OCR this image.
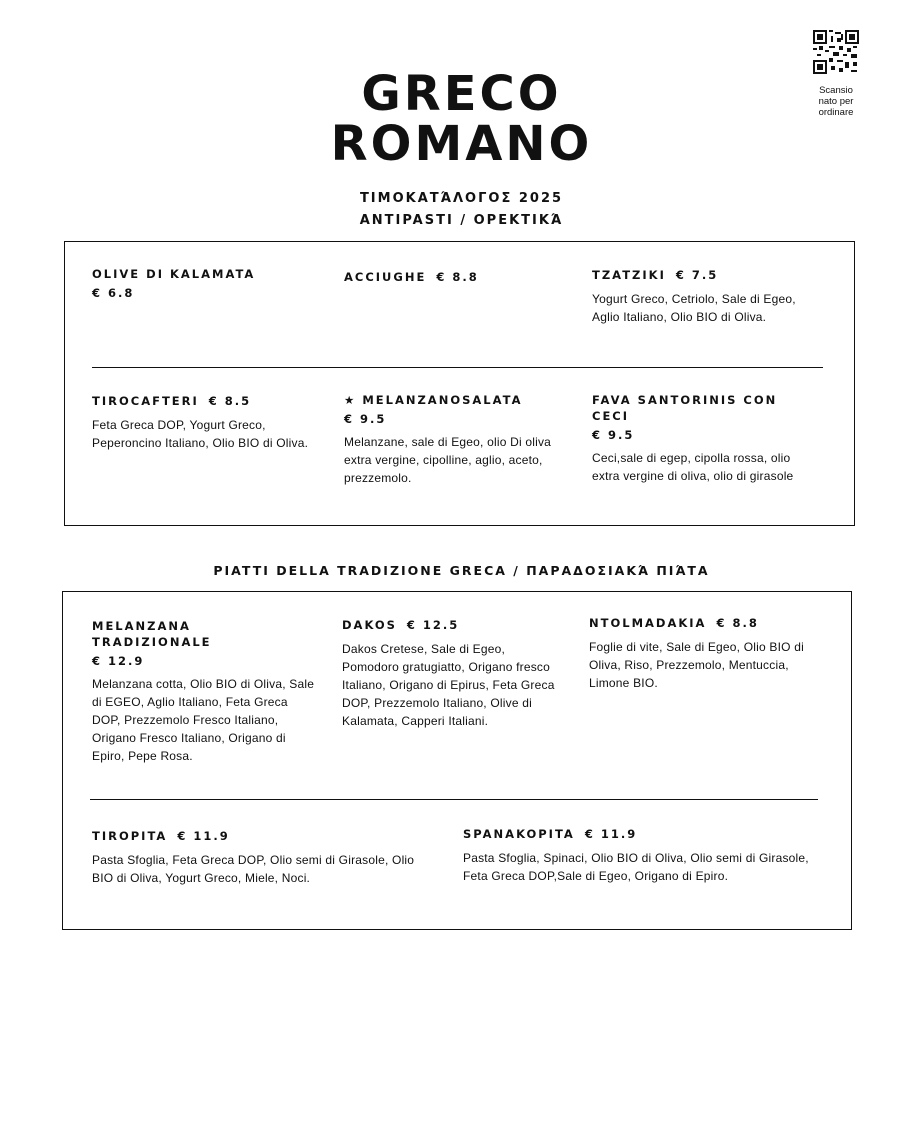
GRECO
ROMANO
ΤΙΜΟΚΑΤΆΛΟΓΟΣ 2025
ANTIPASTI / ΟΡΕΚΤΙΚΆ
Scansio
nato per
ordinare
OLIVE DI KALAMATA
€ 6.8
ACCIUGHE € 8.8	TZATZIKI € 7.5
Yogurt Greco, Cetriolo, Sale di Egeo, Aglio Italiano, Olio BIO di Oliva.
TIROCAFTERI € 8.5
Feta Greca DOP, Yogurt Greco, Peperoncino Italiano, Olio BIO di Oliva.
★ MELANZANOSALATA
€ 9.5
Melanzane, sale di Egeo, olio Di oliva extra vergine, cipolline, aglio, aceto, prezzemolo.
FAVA SANTORINIS CON CECI
€ 9.5
Ceci,sale di egep, cipolla rossa, olio extra vergine di oliva, olio di girasole
PIATTI DELLA TRADIZIONE GRECA / ΠΑΡΑΔΟΣΙΑΚΆ ΠΙΆΤΑ
MELANZANA TRADIZIONALE
€ 12.9
Melanzana cotta, Olio BIO di Oliva, Sale di EGEO, Aglio Italiano, Feta Greca DOP, Prezzemolo Fresco Italiano, Origano Fresco Italiano, Origano di Epiro, Pepe Rosa.
DAKOS € 12.5
Dakos Cretese, Sale di Egeo, Pomodoro gratugiatto, Origano fresco Italiano, Origano di Epirus, Feta Greca DOP, Prezzemolo Italiano, Olive di Kalamata, Capperi Italiani.
NTOLMADAKIA € 8.8
Foglie di vite, Sale di Egeo, Olio BIO di Oliva, Riso, Prezzemolo, Mentuccia, Limone BIO.
TIROPITA € 11.9
Pasta Sfoglia, Feta Greca DOP, Olio semi di Girasole, Olio BIO di Oliva, Yogurt Greco, Miele, Noci.
SPANAKOPITA € 11.9
Pasta Sfoglia, Spinaci, Olio BIO di Oliva, Olio semi di Girasole, Feta Greca DOP,Sale di Egeo, Origano di Epiro.
